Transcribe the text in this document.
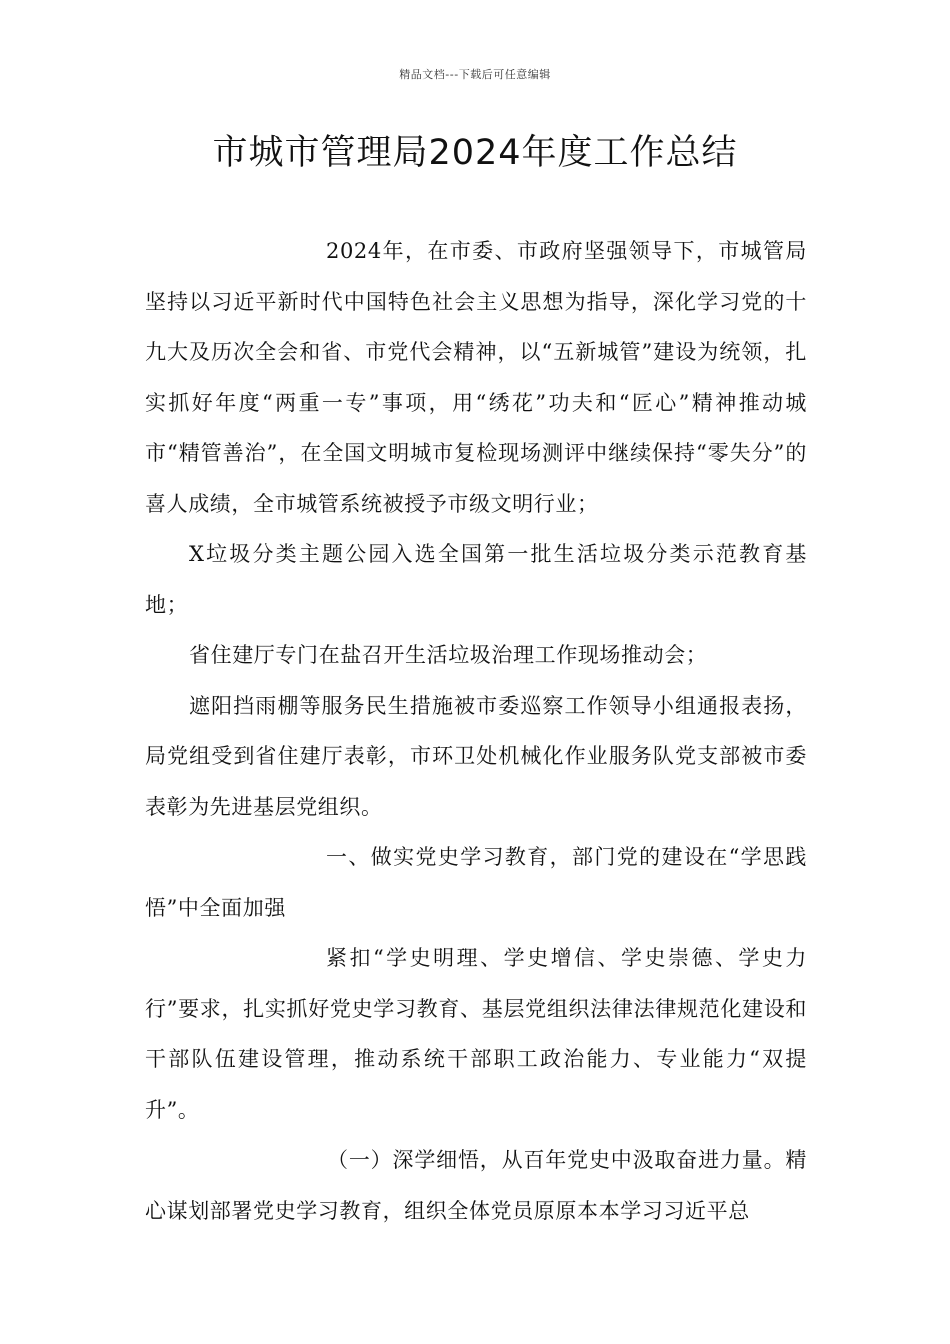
精品文档---下载后可任意编辑
市城市管理局2024年度工作总结

2024年，在市委、市政府坚强领导下，市城管局坚持以习近平新时代中国特色社会主义思想为指导，深化学习党的十九大及历次全会和省、市党代会精神，以“五新城管”建设为统领，扎实抓好年度“两重一专”事项，用“绣花”功夫和“匠心”精神推动城市“精管善治”，在全国文明城市复检现场测评中继续保持“零失分”的喜人成绩，全市城管系统被授予市级文明行业；

X垃圾分类主题公园入选全国第一批生活垃圾分类示范教育基地；

省住建厅专门在盐召开生活垃圾治理工作现场推动会；

遮阳挡雨棚等服务民生措施被市委巡察工作领导小组通报表扬，局党组受到省住建厅表彰，市环卫处机械化作业服务队党支部被市委表彰为先进基层党组织。

一、做实党史学习教育，部门党的建设在“学思践悟”中全面加强

紧扣“学史明理、学史增信、学史崇德、学史力行”要求，扎实抓好党史学习教育、基层党组织法律法律规范化建设和干部队伍建设管理，推动系统干部职工政治能力、专业能力“双提升”。

（一）深学细悟，从百年党史中汲取奋进力量。精心谋划部署党史学习教育，组织全体党员原原本本学习习近平总
